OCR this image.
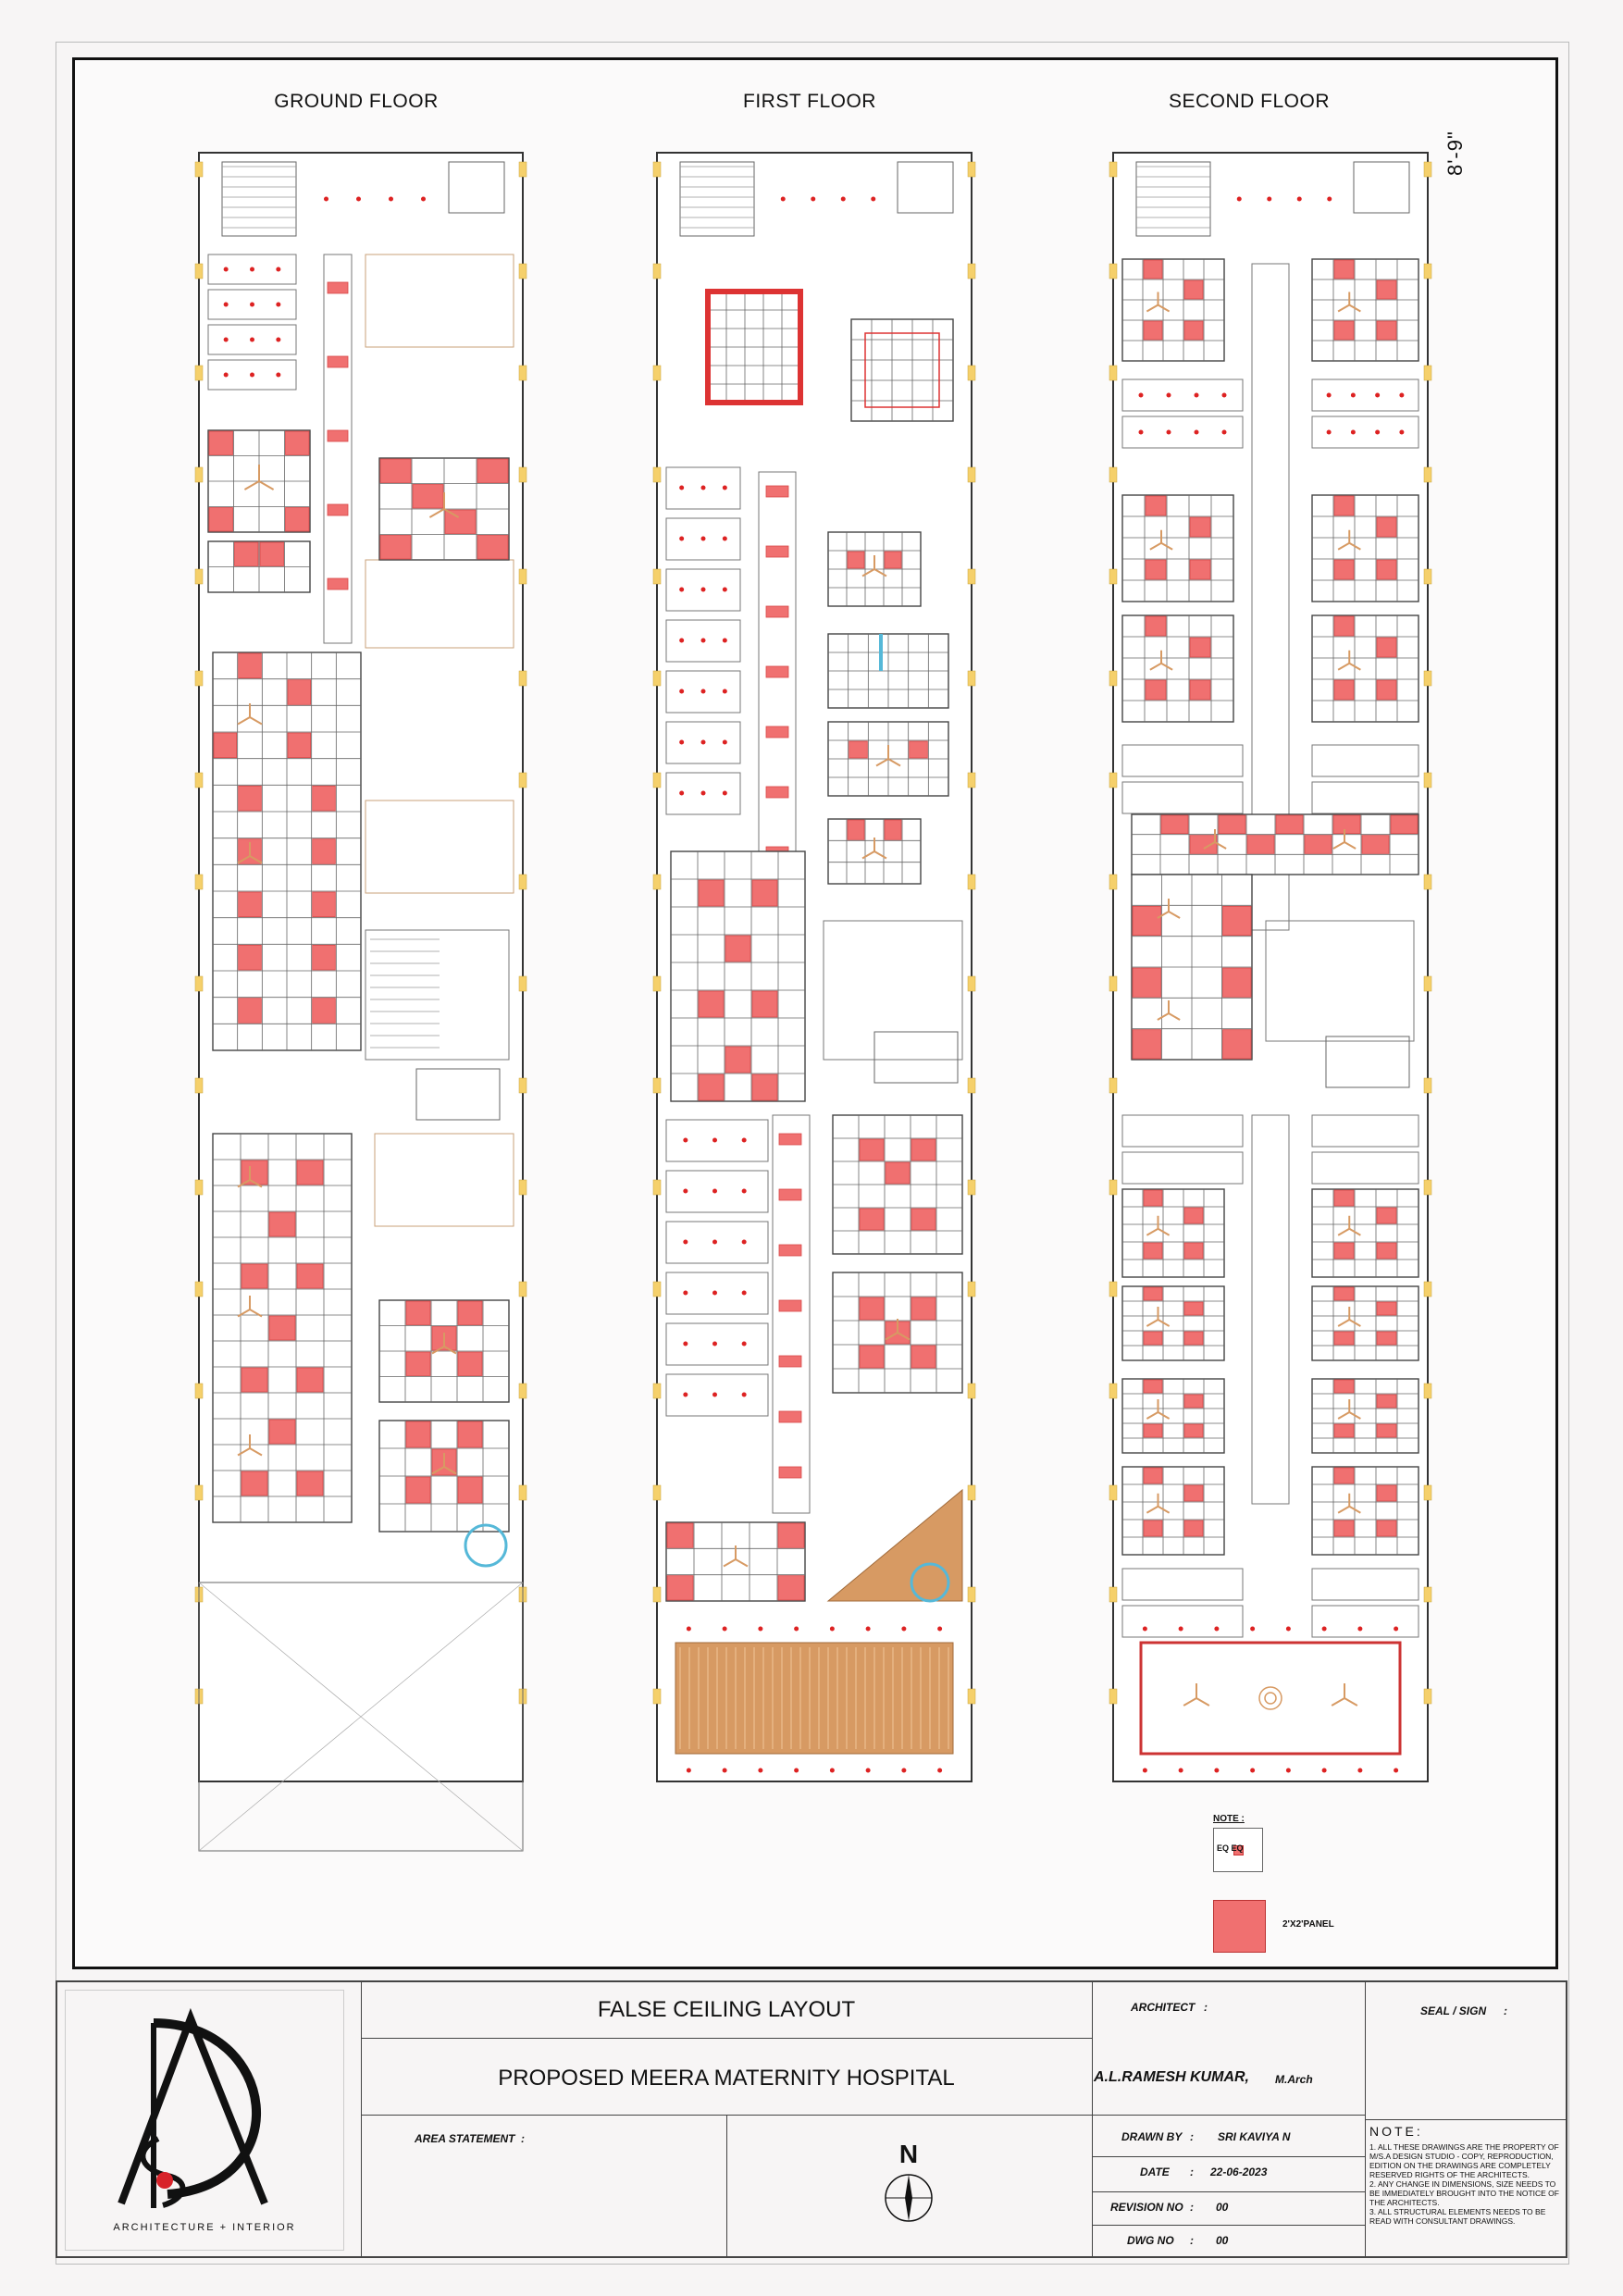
GROUND FLOOR	FIRST FLOOR	SECOND FLOOR
8'-9"
NOTE :
EQ EQ
2'X2'PANEL
ARCHITECTURE + INTERIOR
FALSE CEILING LAYOUT
PROPOSED MEERA MATERNITY HOSPITAL
AREA STATEMENT :
N
ARCHITECT :
A.L.RAMESH KUMAR, M.Arch
SEAL / SIGN :
DRAWN BY : SRI KAVIYA N
DATE : 22-06-2023
REVISION NO : 00
DWG NO : 00
NOTE:

1. ALL THESE DRAWINGS ARE THE PROPERTY OF M/S.A DESIGN STUDIO - COPY, REPRODUCTION, EDITION ON THE DRAWINGS ARE COMPLETELY RESERVED RIGHTS OF THE ARCHITECTS.

2. ANY CHANGE IN DIMENSIONS, SIZE NEEDS TO BE IMMEDIATELY BROUGHT INTO THE NOTICE OF THE ARCHITECTS.

3. ALL STRUCTURAL ELEMENTS NEEDS TO BE READ WITH CONSULTANT DRAWINGS.
